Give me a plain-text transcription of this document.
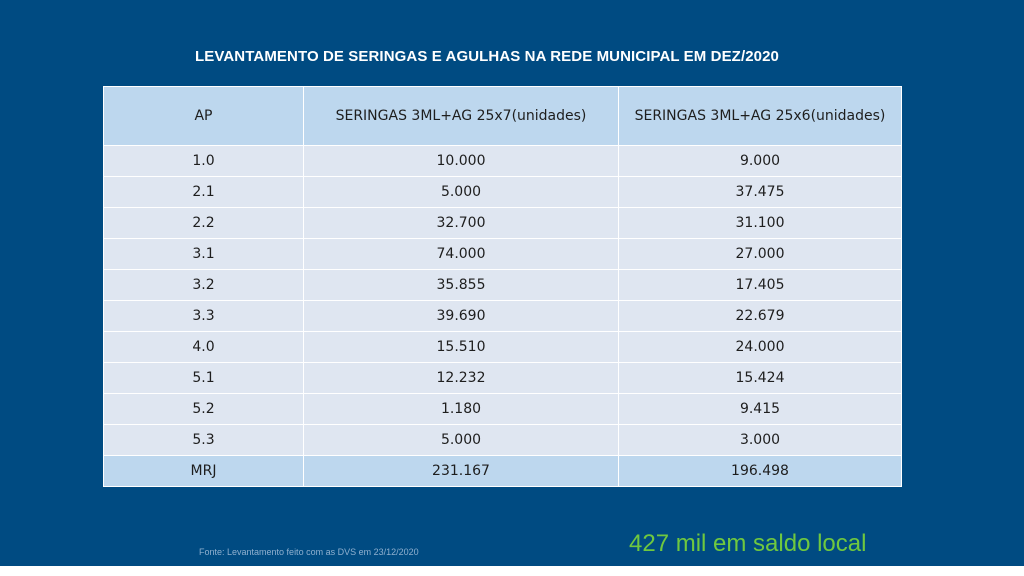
LEVANTAMENTO DE SERINGAS E AGULHAS NA REDE MUNICIPAL EM DEZ/2020
AP	SERINGAS 3ML+AG 25x7(unidades)	SERINGAS 3ML+AG 25x6(unidades)
1.0	10.000	9.000
2.1	5.000	37.475
2.2	32.700	31.100
3.1	74.000	27.000
3.2	35.855	17.405
3.3	39.690	22.679
4.0	15.510	24.000
5.1	12.232	15.424
5.2	1.180	9.415
5.3	5.000	3.000
MRJ	231.167	196.498
Fonte: Levantamento feito com as DVS em 23/12/2020	427 mil em saldo local
